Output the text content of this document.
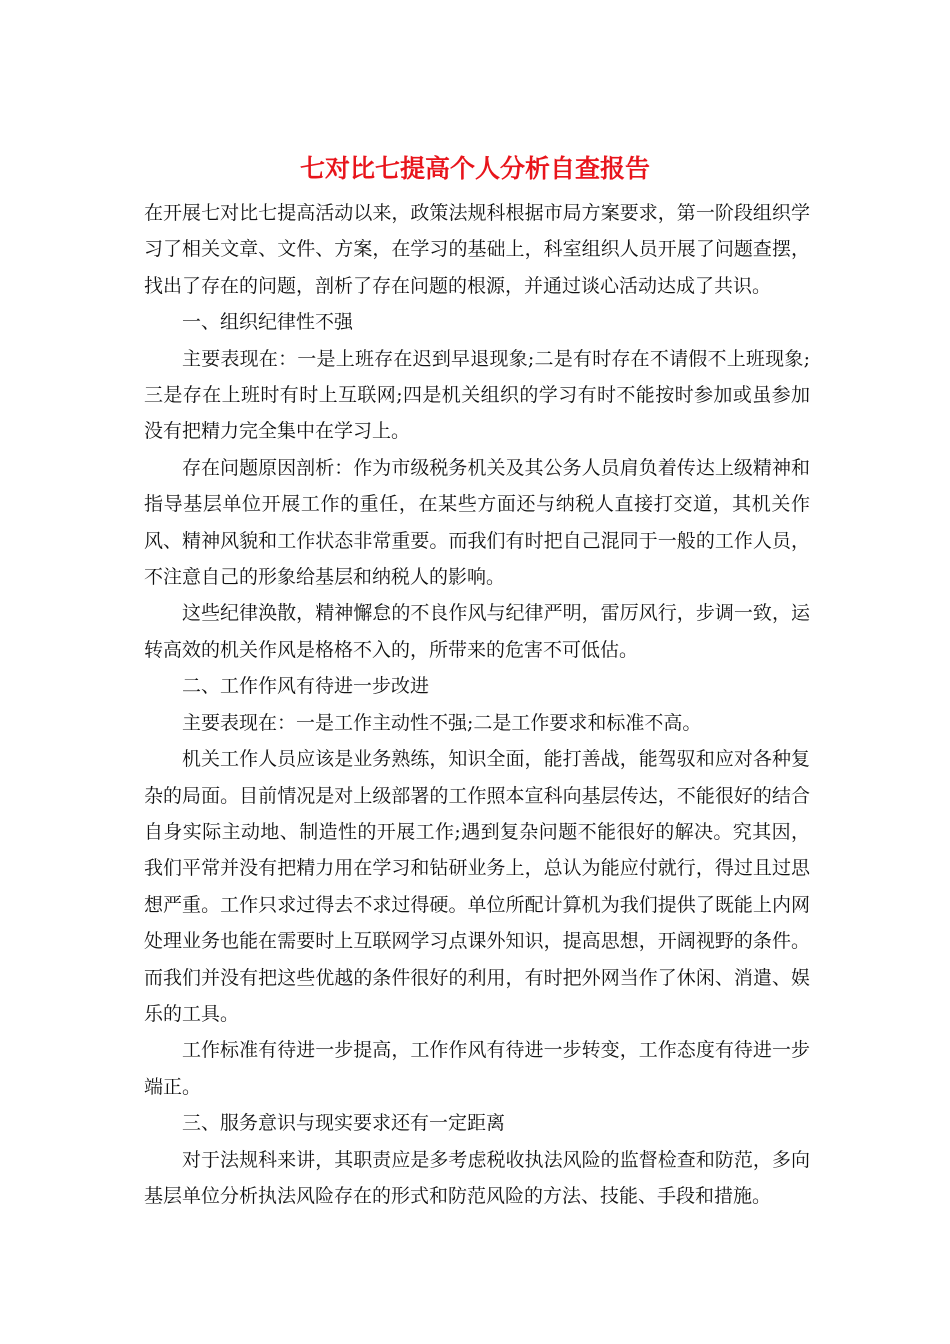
七对比七提高个人分析自查报告

在开展七对比七提高活动以来，政策法规科根据市局方案要求，第一阶段组织学习了相关文章、文件、方案，在学习的基础上，科室组织人员开展了问题查摆，找出了存在的问题，剖析了存在问题的根源，并通过谈心活动达成了共识。

一、组织纪律性不强

主要表现在：一是上班存在迟到早退现象;二是有时存在不请假不上班现象;三是存在上班时有时上互联网;四是机关组织的学习有时不能按时参加或虽参加没有把精力完全集中在学习上。

存在问题原因剖析：作为市级税务机关及其公务人员肩负着传达上级精神和指导基层单位开展工作的重任，在某些方面还与纳税人直接打交道，其机关作风、精神风貌和工作状态非常重要。而我们有时把自己混同于一般的工作人员，不注意自己的形象给基层和纳税人的影响。

这些纪律涣散，精神懈怠的不良作风与纪律严明，雷厉风行，步调一致，运转高效的机关作风是格格不入的，所带来的危害不可低估。

二、工作作风有待进一步改进

主要表现在：一是工作主动性不强;二是工作要求和标准不高。

机关工作人员应该是业务熟练，知识全面，能打善战，能驾驭和应对各种复杂的局面。目前情况是对上级部署的工作照本宣科向基层传达，不能很好的结合自身实际主动地、制造性的开展工作;遇到复杂问题不能很好的解决。究其因，我们平常并没有把精力用在学习和钻研业务上，总认为能应付就行，得过且过思想严重。工作只求过得去不求过得硬。单位所配计算机为我们提供了既能上内网处理业务也能在需要时上互联网学习点课外知识，提高思想，开阔视野的条件。而我们并没有把这些优越的条件很好的利用，有时把外网当作了休闲、消遣、娱乐的工具。

工作标准有待进一步提高，工作作风有待进一步转变，工作态度有待进一步端正。

三、服务意识与现实要求还有一定距离

对于法规科来讲，其职责应是多考虑税收执法风险的监督检查和防范，多向基层单位分析执法风险存在的形式和防范风险的方法、技能、手段和措施。
